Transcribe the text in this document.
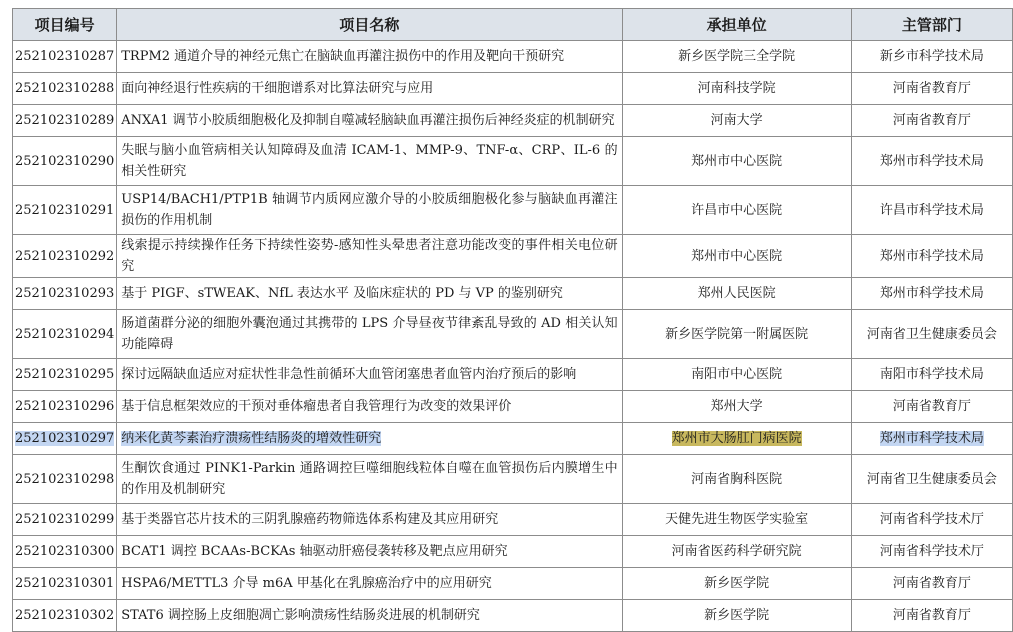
项目编号	项目名称	承担单位	主管部门
252102310287	TRPM2 通道介导的神经元焦亡在脑缺血再灌注损伤中的作用及靶向干预研究	新乡医学院三全学院	新乡市科学技术局
252102310288	面向神经退行性疾病的干细胞谱系对比算法研究与应用	河南科技学院	河南省教育厅
252102310289	ANXA1 调节小胶质细胞极化及抑制自噬减轻脑缺血再灌注损伤后神经炎症的机制研究	河南大学	河南省教育厅
252102310290	失眠与脑小血管病相关认知障碍及血清 ICAM-1、MMP-9、TNF-α、CRP、IL-6 的相关性研究	郑州市中心医院	郑州市科学技术局
252102310291	USP14/BACH1/PTP1B 轴调节内质网应激介导的小胶质细胞极化参与脑缺血再灌注损伤的作用机制	许昌市中心医院	许昌市科学技术局
252102310292	线索提示持续操作任务下持续性姿势-感知性头晕患者注意功能改变的事件相关电位研究	郑州市中心医院	郑州市科学技术局
252102310293	基于 PIGF、sTWEAK、NfL 表达水平 及临床症状的 PD 与 VP 的鉴别研究	郑州人民医院	郑州市科学技术局
252102310294	肠道菌群分泌的细胞外囊泡通过其携带的 LPS 介导昼夜节律紊乱导致的 AD 相关认知功能障碍	新乡医学院第一附属医院	河南省卫生健康委员会
252102310295	探讨远隔缺血适应对症状性非急性前循环大血管闭塞患者血管内治疗预后的影响	南阳市中心医院	南阳市科学技术局
252102310296	基于信息框架效应的干预对垂体瘤患者自我管理行为改变的效果评价	郑州大学	河南省教育厅
252102310297	纳米化黄芩素治疗溃疡性结肠炎的增效性研究	郑州市大肠肛门病医院	郑州市科学技术局
252102310298	生酮饮食通过 PINK1-Parkin 通路调控巨噬细胞线粒体自噬在血管损伤后内膜增生中的作用及机制研究	河南省胸科医院	河南省卫生健康委员会
252102310299	基于类器官芯片技术的三阴乳腺癌药物筛选体系构建及其应用研究	天健先进生物医学实验室	河南省科学技术厅
252102310300	BCAT1 调控 BCAAs-BCKAs 轴驱动肝癌侵袭转移及靶点应用研究	河南省医药科学研究院	河南省科学技术厅
252102310301	HSPA6/METTL3 介导 m6A 甲基化在乳腺癌治疗中的应用研究	新乡医学院	河南省教育厅
252102310302	STAT6 调控肠上皮细胞凋亡影响溃疡性结肠炎进展的机制研究	新乡医学院	河南省教育厅
